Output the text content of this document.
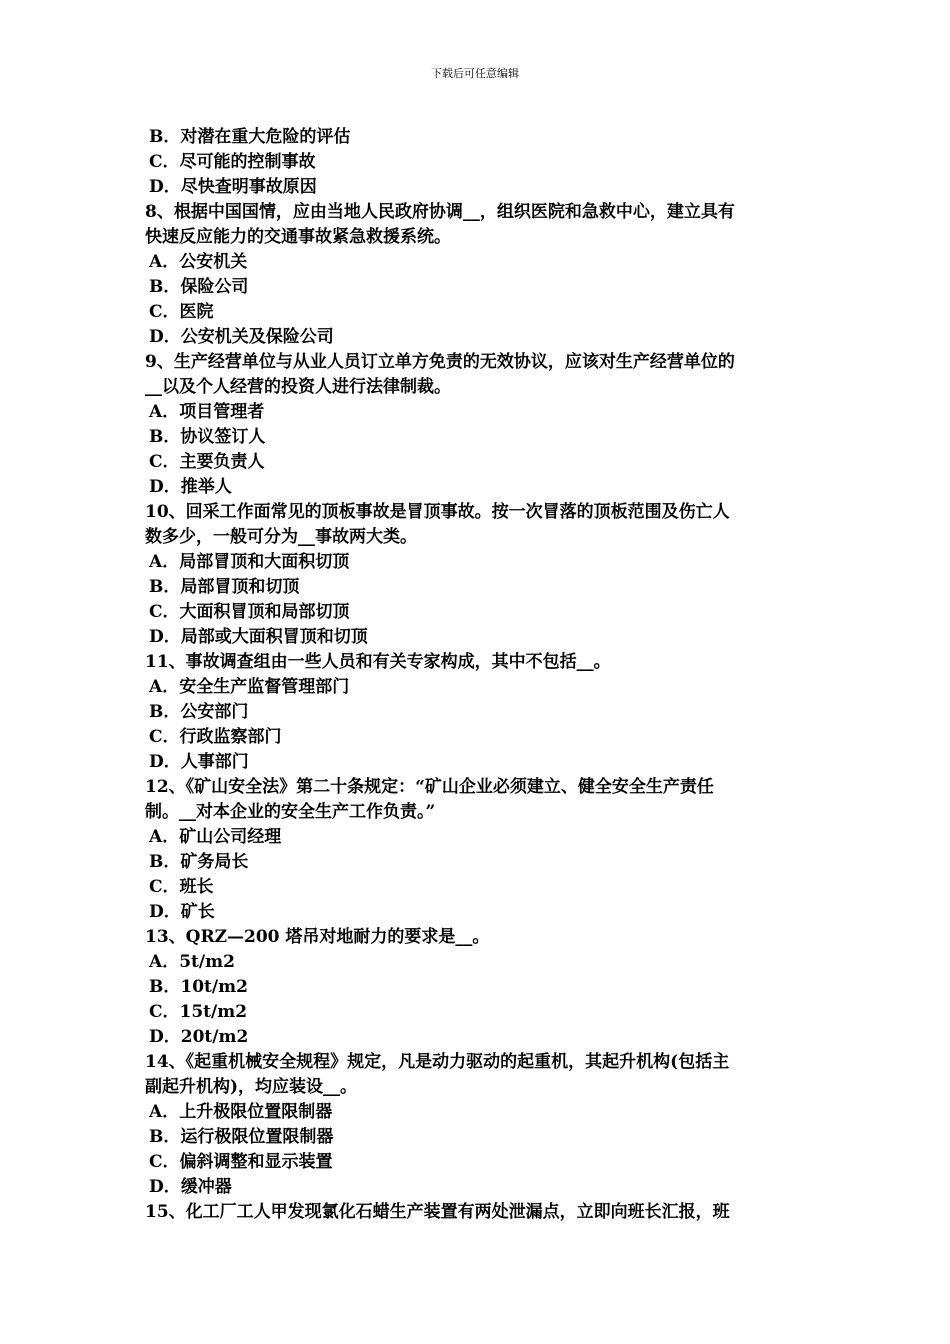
下载后可任意编辑
B．对潜在重大危险的评估
C．尽可能的控制事故
D．尽快查明事故原因
8、根据中国国情，应由当地人民政府协调__，组织医院和急救中心，建立具有
快速反应能力的交通事故紧急救援系统。
A．公安机关
B．保险公司
C．医院
D．公安机关及保险公司
9、生产经营单位与从业人员订立单方免责的无效协议，应该对生产经营单位的
__以及个人经营的投资人进行法律制裁。
A．项目管理者
B．协议签订人
C．主要负责人
D．推举人
10、回采工作面常见的顶板事故是冒顶事故。按一次冒落的顶板范围及伤亡人
数多少，一般可分为__事故两大类。
A．局部冒顶和大面积切顶
B．局部冒顶和切顶
C．大面积冒顶和局部切顶
D．局部或大面积冒顶和切顶
11、事故调查组由一些人员和有关专家构成，其中不包括__。
A．安全生产监督管理部门
B．公安部门
C．行政监察部门
D．人事部门
12、《矿山安全法》第二十条规定：“矿山企业必须建立、健全安全生产责任
制。__对本企业的安全生产工作负责。”
A．矿山公司经理
B．矿务局长
C．班长
D．矿长
13、QRZ—200 塔吊对地耐力的要求是__。
A．5t/m2
B．10t/m2
C．15t/m2
D．20t/m2
14、《起重机械安全规程》规定，凡是动力驱动的起重机，其起升机构(包括主
副起升机构)，均应装设__。
A．上升极限位置限制器
B．运行极限位置限制器
C．偏斜调整和显示装置
D．缓冲器
15、化工厂工人甲发现氯化石蜡生产装置有两处泄漏点，立即向班长汇报，班
